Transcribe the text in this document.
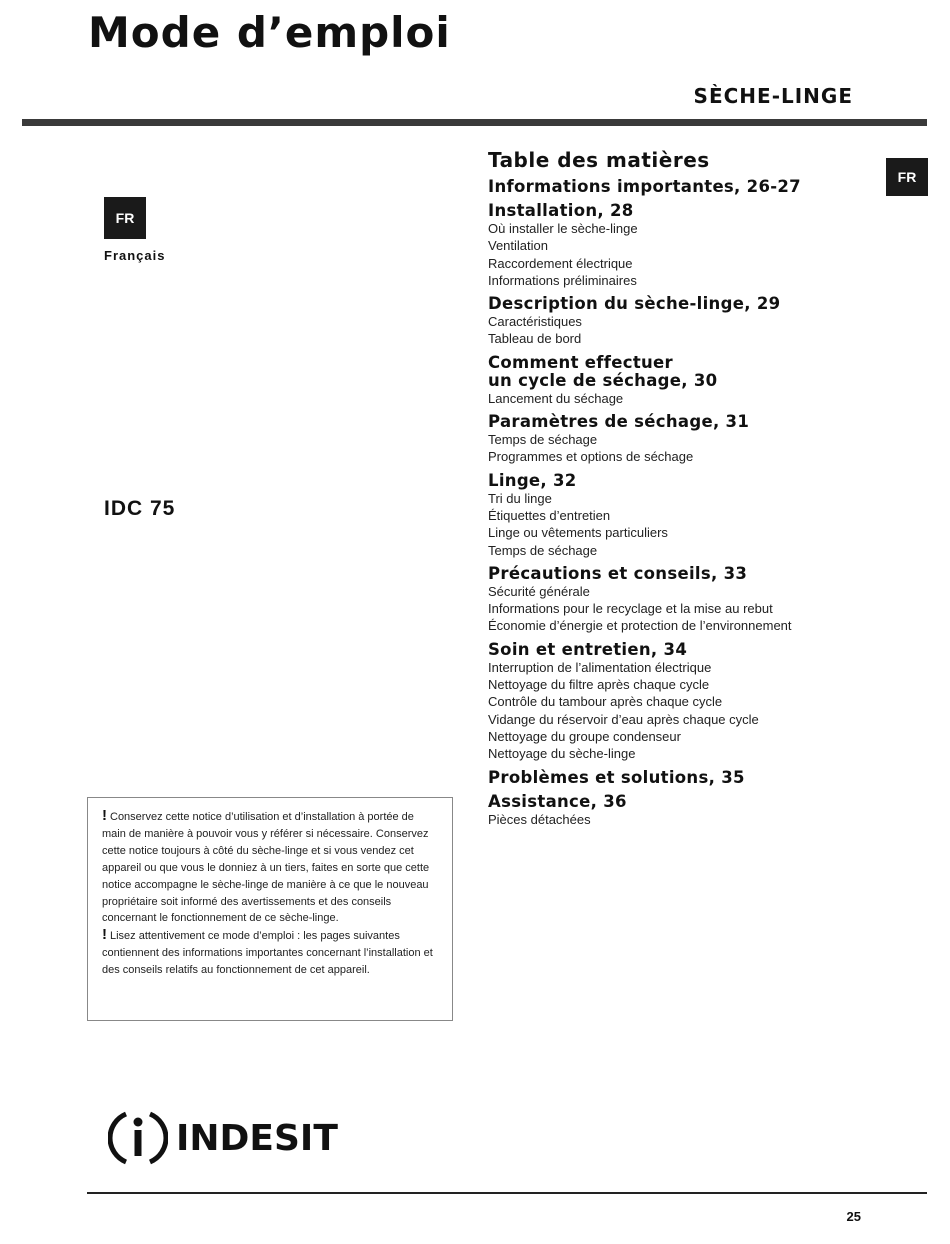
Mode d’emploi
SÈCHE-LINGE
FR
FR
Français
IDC 75
Table des matières
Informations importantes, 26-27
Installation, 28
Où installer le sèche-linge
Ventilation
Raccordement électrique
Informations préliminaires
Description du sèche-linge, 29
Caractéristiques
Tableau de bord
Comment effectuer
un cycle de séchage, 30
Lancement du séchage
Paramètres de séchage, 31
Temps de séchage
Programmes et options de séchage
Linge, 32
Tri du linge
Étiquettes d’entretien
Linge ou vêtements particuliers
Temps de séchage
Précautions et conseils, 33
Sécurité générale
Informations pour le recyclage et la mise au rebut
Économie d’énergie et protection de l’environnement
Soin et entretien, 34
Interruption de l’alimentation électrique
Nettoyage du filtre après chaque cycle
Contrôle du tambour après chaque cycle
Vidange du réservoir d’eau après chaque cycle
Nettoyage du groupe condenseur
Nettoyage du sèche-linge
Problèmes et solutions, 35
Assistance, 36
Pièces détachées
! Conservez cette notice d’utilisation et d’installation à portée de main de manière à pouvoir vous y référer si nécessaire. Conservez cette notice toujours à côté du sèche-linge et si vous vendez cet appareil ou que vous le donniez à un tiers, faites en sorte que cette notice accompagne le sèche-linge de manière à ce que le nouveau propriétaire soit informé des avertissements et des conseils concernant le fonctionnement de ce sèche-linge.
! Lisez attentivement ce mode d’emploi : les pages suivantes contiennent des informations importantes concernant l’installation et des conseils relatifs au fonctionnement de cet appareil.
INDESIT
25
